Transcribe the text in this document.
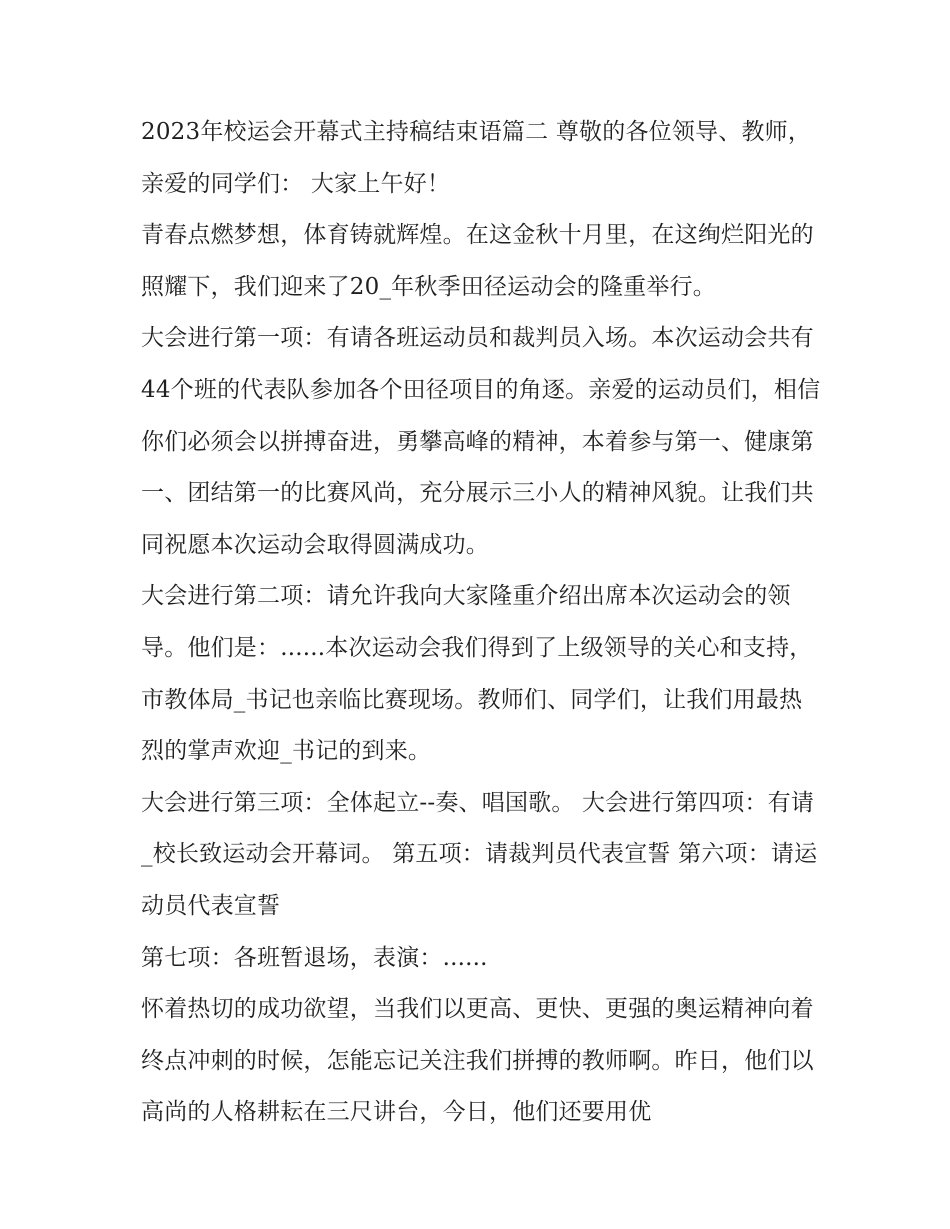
2023年校运会开幕式主持稿结束语篇二 尊敬的各位领导、教师，亲爱的同学们： 大家上午好！

青春点燃梦想，体育铸就辉煌。在这金秋十月里，在这绚烂阳光的照耀下，我们迎来了20_年秋季田径运动会的隆重举行。

大会进行第一项：有请各班运动员和裁判员入场。本次运动会共有44个班的代表队参加各个田径项目的角逐。亲爱的运动员们，相信你们必须会以拼搏奋进，勇攀高峰的精神，本着参与第一、健康第一、团结第一的比赛风尚，充分展示三小人的精神风貌。让我们共同祝愿本次运动会取得圆满成功。

大会进行第二项：请允许我向大家隆重介绍出席本次运动会的领导。他们是：......本次运动会我们得到了上级领导的关心和支持，市教体局_书记也亲临比赛现场。教师们、同学们，让我们用最热烈的掌声欢迎_书记的到来。

大会进行第三项：全体起立--奏、唱国歌。 大会进行第四项：有请_校长致运动会开幕词。 第五项：请裁判员代表宣誓 第六项：请运动员代表宣誓

第七项：各班暂退场，表演：......

怀着热切的成功欲望，当我们以更高、更快、更强的奥运精神向着终点冲刺的时候，怎能忘记关注我们拼搏的教师啊。昨日，他们以高尚的人格耕耘在三尺讲台，今日，他们还要用优
